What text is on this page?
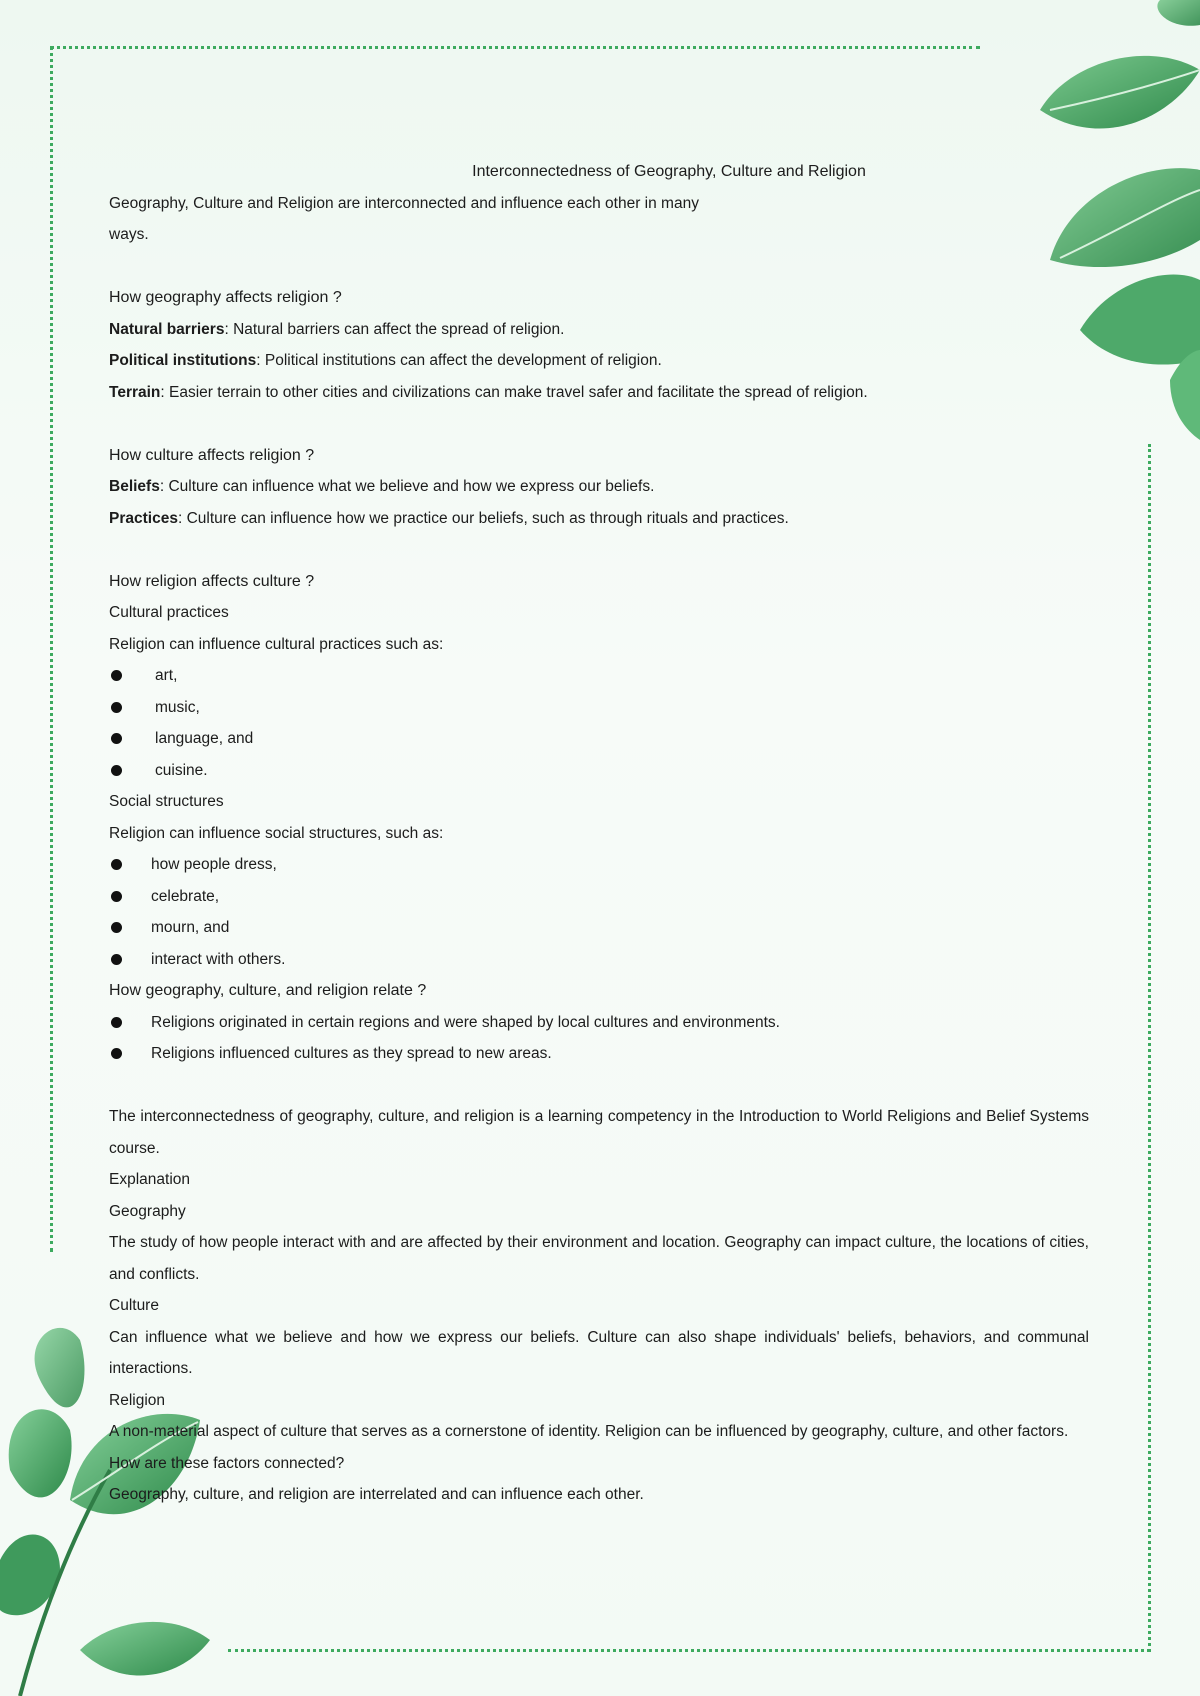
Interconnectedness of Geography, Culture and Religion
Geography, Culture and Religion are interconnected and influence each other in many
ways.
How geography affects religion ?
Natural barriers: Natural barriers can affect the spread of religion.
Political institutions: Political institutions can affect the development of religion.
Terrain: Easier terrain to other cities and civilizations can make travel safer and facilitate the spread of religion.
How culture affects religion ?
Beliefs: Culture can influence what we believe and how we express our beliefs.
Practices: Culture can influence how we practice our beliefs, such as through rituals and practices.
How religion affects culture ?
Cultural practices
Religion can influence cultural practices such as:
art,
music,
language, and
cuisine.
Social structures
Religion can influence social structures, such as:
how people dress,
celebrate,
mourn, and
interact with others.
How geography, culture, and religion relate ?
Religions originated in certain regions and were shaped by local cultures and environments.
Religions influenced cultures as they spread to new areas.
The interconnectedness of geography, culture, and religion is a learning competency in the Introduction to World Religions and Belief Systems course.
Explanation
Geography
The study of how people interact with and are affected by their environment and location. Geography can impact culture, the locations of cities, and conflicts.
Culture
Can influence what we believe and how we express our beliefs. Culture can also shape individuals' beliefs, behaviors, and communal interactions.
Religion
A non-material aspect of culture that serves as a cornerstone of identity. Religion can be influenced by geography, culture, and other factors.
How are these factors connected?
Geography, culture, and religion are interrelated and can influence each other.
